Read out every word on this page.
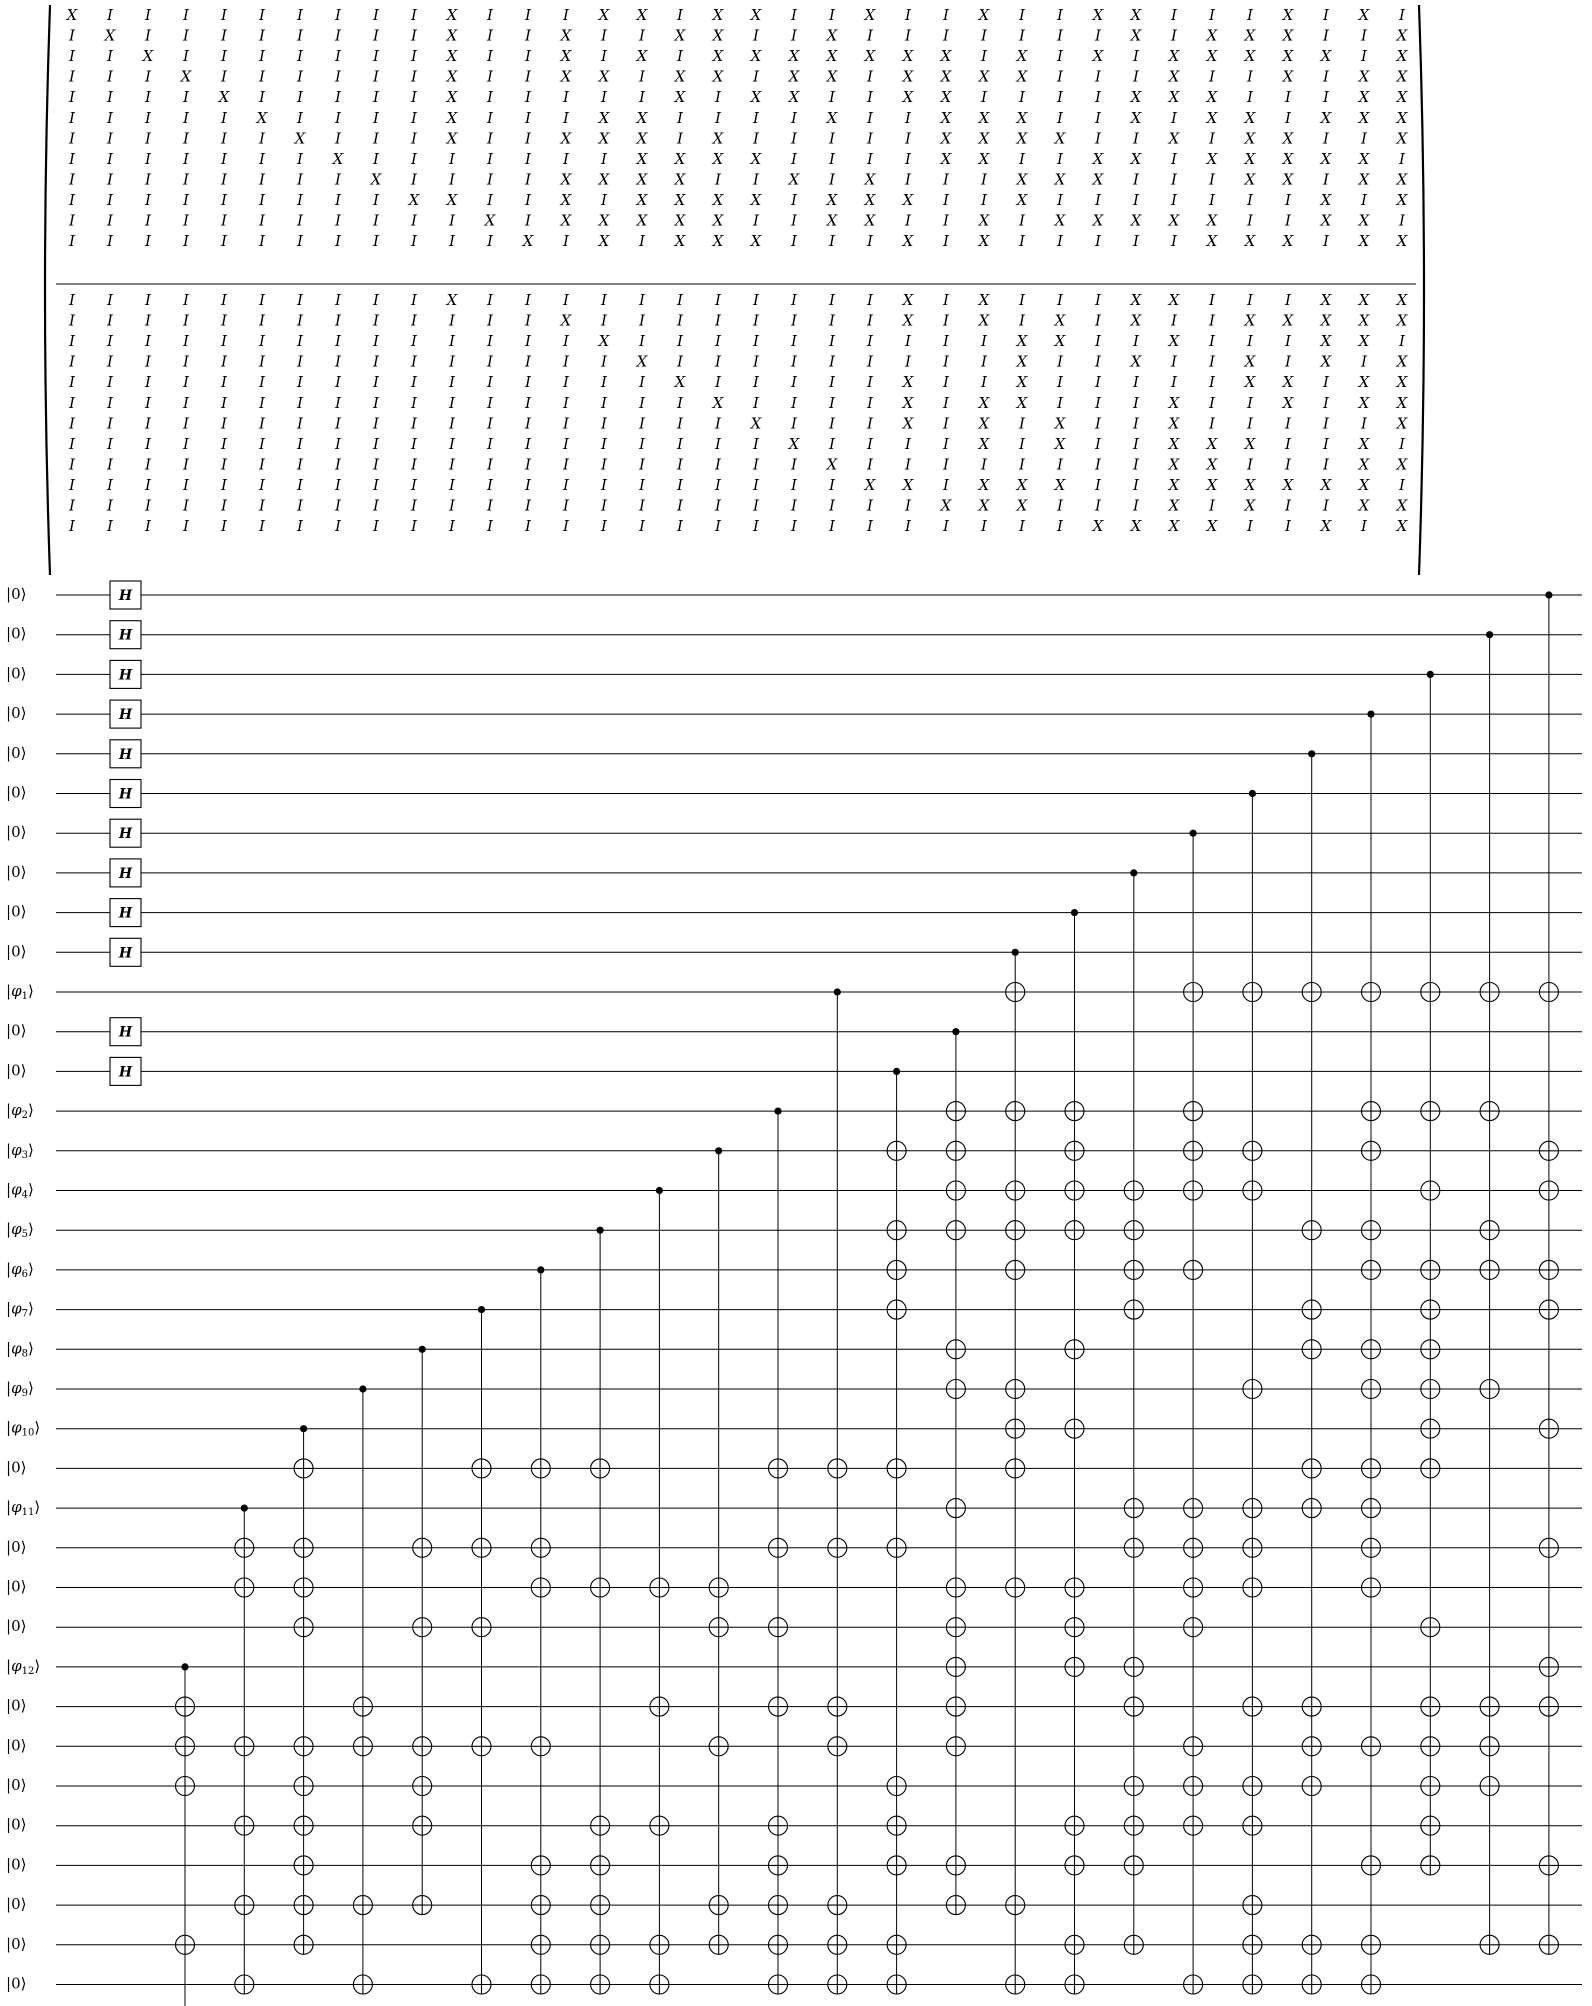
X I I I I I I I I I X I I I X X I X X I I X I I X I I X X I I I X I X I
I X I I I I I I I I X I I X I I X X I I X I I I I I I I X I X X X I I X
I I X I I I I I I I X I I X I X I X X X X X X X I X I X I X X X X X I X
I I I X I I I I I I X I I X X I X X I X X I X X X X I I I X I I X I X X
I I I I X I I I I I X I I I I I X I X X I I X X I I I I X X X I I I X X
I I I I I X I I I I X I I I X X I I I I X I I X X X I I X I X X I X X X
I I I I I I X I I I X I I X X X I X I I I I I X X X X I I X I X X I I X
I I I I I I I X I I I I I I I X X X X I I I I X X I I X X I X X X X X I
I I I I I I I I X I I I I X X X X I I X I X I I I X X X I I I X X I X X
I I I I I I I I I X X I I X I X X X X I X X X I I X I I I I I I I X I X
I I I I I I I I I I I X I X X X X X I I X X I I X I X X X X X I I X X I
I I I I I I I I I I I I X I X I X X X I I I X I X I I I I I X X X I X X
I I I I I I I I I I X I I I I I I I I I I I X I X I I I X X I I I X X X
I I I I I I I I I I I I I X I I I I I I I I X I X I X I X I I X X X X X
I I I I I I I I I I I I I I X I I I I I I I I I I X X I I X I I I X X I
I I I I I I I I I I I I I I I X I I I I I I I I I X I I X I I X I X I X
I I I I I I I I I I I I I I I I X I I I I I X I I X I I I I I X X I X X
I I I I I I I I I I I I I I I I I X I I I I X I X X I I I X I I X I X X
I I I I I I I I I I I I I I I I I I X I I I X I X I X I I X I I I I I X
I I I I I I I I I I I I I I I I I I I X I I I I X I X I I X X X I I X I
I I I I I I I I I I I I I I I I I I I I X I I I I I I I I X X I I I X X
I I I I I I I I I I I I I I I I I I I I I X X I X X X I I X X X X X X I
I I I I I I I I I I I I I I I I I I I I I I I X X X I I I X I X I I X X
I I I I I I I I I I I I I I I I I I I I I I I I I I I X X X X I I X I X
|0⟩
|0⟩
|0⟩
|0⟩
|0⟩
|0⟩
|0⟩
|0⟩
|0⟩
|0⟩
$|\varphi_1⟩$
|0⟩
|0⟩
$|\varphi_2⟩$
$|\varphi_3⟩$
$|\varphi_4⟩$
$|\varphi_5⟩$
$|\varphi_6⟩$
$|\varphi_7⟩$
$|\varphi_8⟩$
$|\varphi_9⟩$
$|\varphi_{10}⟩$
|0⟩
$|\varphi_{11}⟩$
|0⟩
|0⟩
|0⟩
$|\varphi_{12}⟩$
|0⟩
|0⟩
|0⟩
|0⟩
|0⟩
|0⟩
|0⟩
|0⟩
H
H
H
H
H
H
H
H
H
H
H
H
